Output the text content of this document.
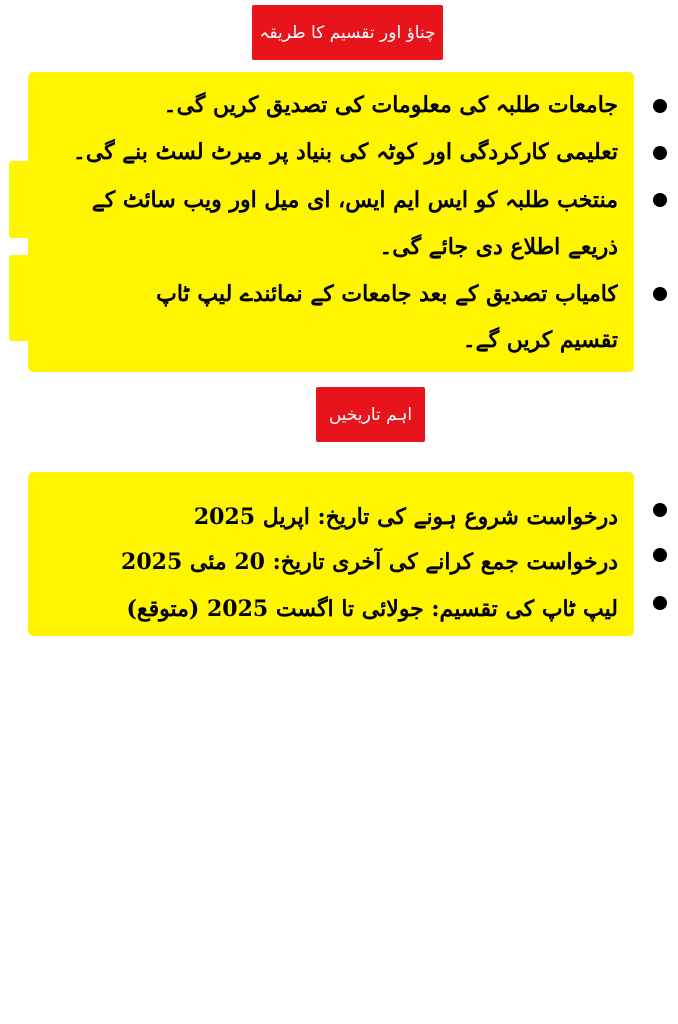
چناؤ اور تقسیم کا طریقہ
جامعات طلبہ کی معلومات کی تصدیق کریں گی۔
تعلیمی کارکردگی اور کوٹہ کی بنیاد پر میرٹ لسٹ بنے گی۔
منتخب طلبہ کو ایس ایم ایس، ای میل اور ویب سائٹ کے
ذریعے اطلاع دی جائے گی۔
کامیاب تصدیق کے بعد جامعات کے نمائندے لیپ ٹاپ
تقسیم کریں گے۔
اہم تاریخیں
درخواست شروع ہونے کی تاریخ: اپریل 2025
درخواست جمع کرانے کی آخری تاریخ: 20 مئی 2025
لیپ ٹاپ کی تقسیم: جولائی تا اگست 2025 (متوقع)
